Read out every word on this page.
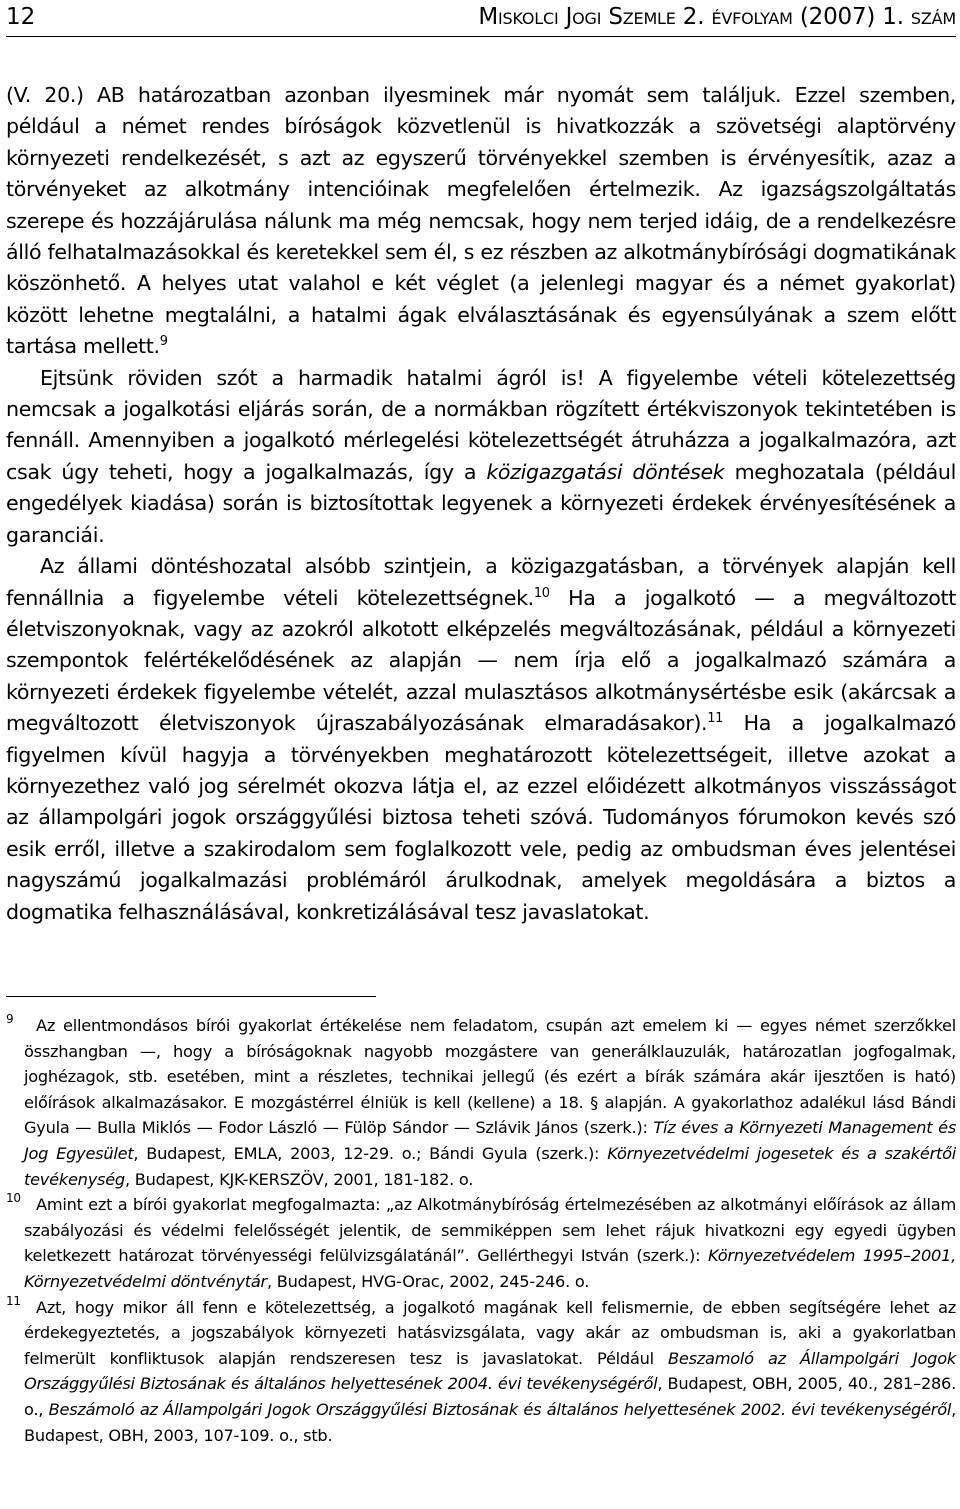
12	Miskolci Jogi Szemle 2. évfolyam (2007) 1. szám

(V. 20.) AB határozatban azonban ilyesminek már nyomát sem találjuk. Ezzel szemben, például a német rendes bíróságok közvetlenül is hivatkozzák a szövetségi alaptörvény környezeti rendelkezését, s azt az egyszerű törvényekkel szemben is érvényesítik, azaz a törvényeket az alkotmány intencióinak megfelelően értelmezik. Az igazságszolgáltatás szerepe és hozzájárulása nálunk ma még nemcsak, hogy nem terjed idáig, de a rendelkezésre álló felhatalmazásokkal és keretekkel sem él, s ez részben az alkotmánybírósági dogmatikának köszönhető. A helyes utat valahol e két véglet (a jelenlegi magyar és a német gyakorlat) között lehetne megtalálni, a hatalmi ágak elválasztásának és egyensúlyának a szem előtt tartása mellett.$^9$

Ejtsünk röviden szót a harmadik hatalmi ágról is! A figyelembe vételi kötelezettség nemcsak a jogalkotási eljárás során, de a normákban rögzített értékviszonyok tekintetében is fennáll. Amennyiben a jogalkotó mérlegelési kötelezettségét átruházza a jogalkalmazóra, azt csak úgy teheti, hogy a jogalkalmazás, így a közigazgatási döntések meghozatala (például engedélyek kiadása) során is biztosítottak legyenek a környezeti érdekek érvényesítésének a garanciái.

Az állami döntéshozatal alsóbb szintjein, a közigazgatásban, a törvények alapján kell fennállnia a figyelembe vételi kötelezettségnek.$^{10}$ Ha a jogalkotó — a megváltozott életviszonyoknak, vagy az azokról alkotott elképzelés megváltozásának, például a környezeti szempontok felértékelődésének az alapján — nem írja elő a jogalkalmazó számára a környezeti érdekek figyelembe vételét, azzal mulasztásos alkotmánysértésbe esik (akárcsak a megváltozott életviszonyok újraszabályozásának elmaradásakor).$^{11}$ Ha a jogalkalmazó figyelmen kívül hagyja a törvényekben meghatározott kötelezettségeit, illetve azokat a környezethez való jog sérelmét okozva látja el, az ezzel előidézett alkotmányos visszásságot az állampolgári jogok országgyűlési biztosa teheti szóvá. Tudományos fórumokon kevés szó esik erről, illetve a szakirodalom sem foglalkozott vele, pedig az ombudsman éves jelentései nagyszámú jogalkalmazási problémáról árulkodnak, amelyek megoldására a biztos a dogmatika felhasználásával, konkretizálásával tesz javaslatokat.

9 Az ellentmondásos bírói gyakorlat értékelése nem feladatom, csupán azt emelem ki — egyes német szerzőkkel összhangban —, hogy a bíróságoknak nagyobb mozgástere van generálklauzulák, határozatlan jogfogalmak, joghézagok, stb. esetében, mint a részletes, technikai jellegű (és ezért a bírák számára akár ijesztően is ható) előírások alkalmazásakor. E mozgástérrel élniük is kell (kellene) a 18. § alapján. A gyakorlathoz adalékul lásd Bándi Gyula — Bulla Miklós — Fodor László — Fülöp Sándor — Szlávik János (szerk.): Tíz éves a Környezeti Management és Jog Egyesület, Budapest, EMLA, 2003, 12-29. o.; Bándi Gyula (szerk.): Környezetvédelmi jogesetek és a szakértői tevékenység, Budapest, KJK-KERSZÖV, 2001, 181-182. o.

10 Amint ezt a bírói gyakorlat megfogalmazta: „az Alkotmánybíróság értelmezésében az alkotmányi előírások az állam szabályozási és védelmi felelősségét jelentik, de semmiképpen sem lehet rájuk hivatkozni egy egyedi ügyben keletkezett határozat törvényességi felülvizsgálatánál”. Gellérthegyi István (szerk.): Környezetvédelem 1995–2001, Környezetvédelmi döntvénytár, Budapest, HVG-Orac, 2002, 245-246. o.

11 Azt, hogy mikor áll fenn e kötelezettség, a jogalkotó magának kell felismernie, de ebben segítségére lehet az érdekegyeztetés, a jogszabályok környezeti hatásvizsgálata, vagy akár az ombudsman is, aki a gyakorlatban felmerült konfliktusok alapján rendszeresen tesz is javaslatokat. Például Beszamoló az Állampolgári Jogok Országgyűlési Biztosának és általános helyettesének 2004. évi tevékenységéről, Budapest, OBH, 2005, 40., 281–286. o., Beszámoló az Állampolgári Jogok Országgyűlési Biztosának és általános helyettesének 2002. évi tevékenységéről, Budapest, OBH, 2003, 107-109. o., stb.
